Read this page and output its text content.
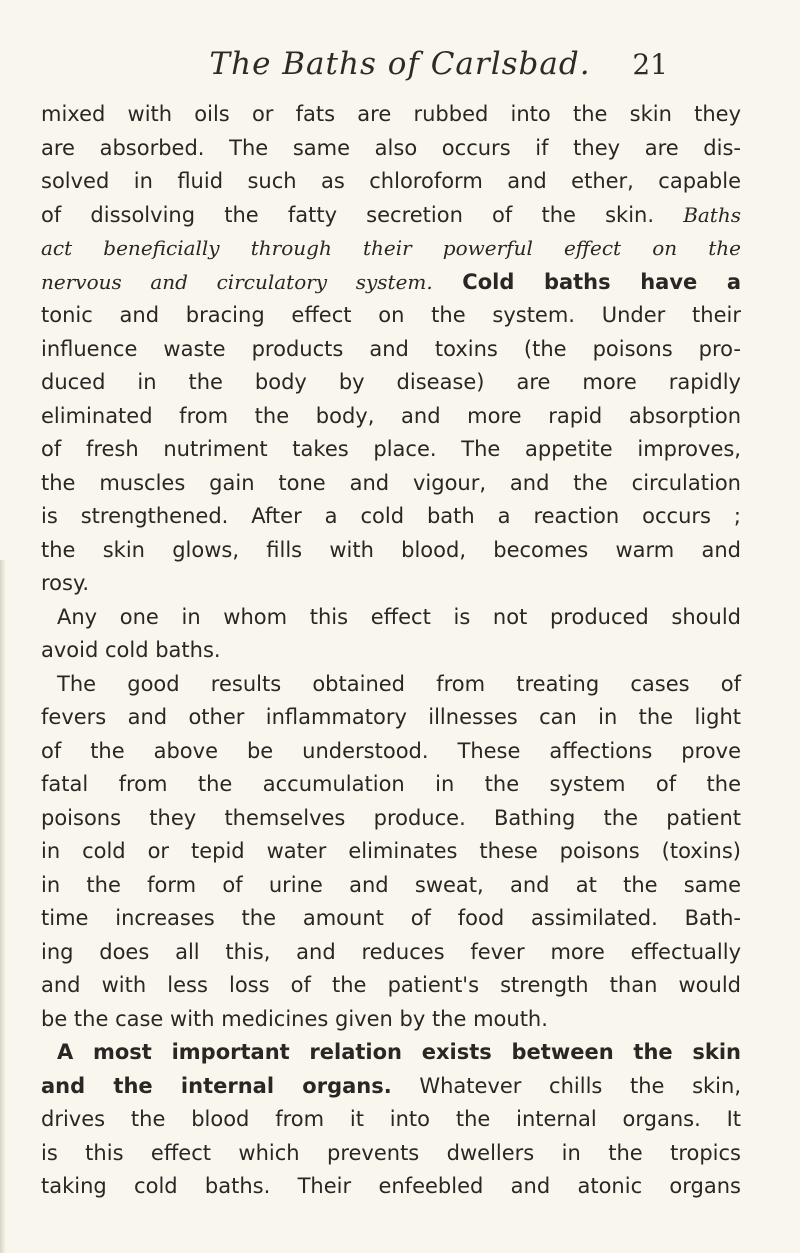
The Baths of Carlsbad.	21
mixed with oils or fats are rubbed into the skin they
are absorbed. The same also occurs if they are dis-
solved in fluid such as chloroform and ether, capable
of dissolving the fatty secretion of the skin. Baths
act beneficially through their powerful effect on the
nervous and circulatory system. Cold baths have a
tonic and bracing effect on the system. Under their
influence waste products and toxins (the poisons pro-
duced in the body by disease) are more rapidly
eliminated from the body, and more rapid absorption
of fresh nutriment takes place. The appetite improves,
the muscles gain tone and vigour, and the circulation
is strengthened. After a cold bath a reaction occurs ;
the skin glows, fills with blood, becomes warm and
rosy.
Any one in whom this effect is not produced should
avoid cold baths.
The good results obtained from treating cases of
fevers and other inflammatory illnesses can in the light
of the above be understood. These affections prove
fatal from the accumulation in the system of the
poisons they themselves produce. Bathing the patient
in cold or tepid water eliminates these poisons (toxins)
in the form of urine and sweat, and at the same
time increases the amount of food assimilated. Bath-
ing does all this, and reduces fever more effectually
and with less loss of the patient's strength than would
be the case with medicines given by the mouth.
A most important relation exists between the skin
and the internal organs. Whatever chills the skin,
drives the blood from it into the internal organs. It
is this effect which prevents dwellers in the tropics
taking cold baths. Their enfeebled and atonic organs
